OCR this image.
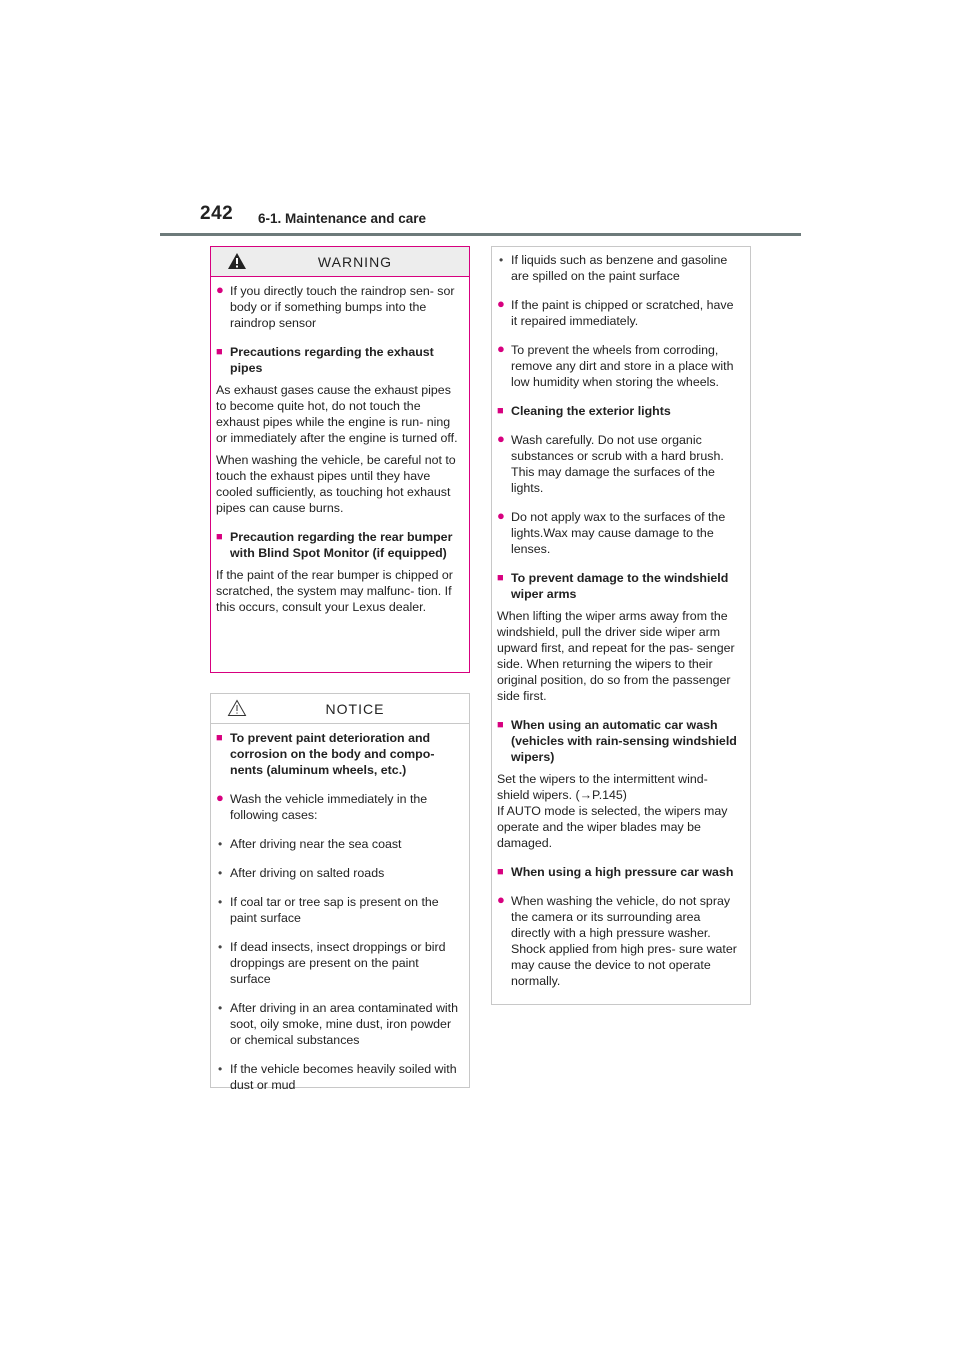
242 6-1. Maintenance and care
WARNING
● If you directly touch the raindrop sen- sor body or if something bumps into the raindrop sensor
■ Precautions regarding the exhaust pipes
As exhaust gases cause the exhaust pipes to become quite hot, do not touch the exhaust pipes while the engine is run- ning or immediately after the engine is turned off.
When washing the vehicle, be careful not to touch the exhaust pipes until they have cooled sufficiently, as touching hot exhaust pipes can cause burns.
■ Precaution regarding the rear bumper with Blind Spot Monitor (if equipped)
If the paint of the rear bumper is chipped or scratched, the system may malfunc- tion. If this occurs, consult your Lexus dealer.
NOTICE
■ To prevent paint deterioration and corrosion on the body and compo- nents (aluminum wheels, etc.)
● Wash the vehicle immediately in the following cases:
• After driving near the sea coast
• After driving on salted roads
• If coal tar or tree sap is present on the paint surface
• If dead insects, insect droppings or bird droppings are present on the paint surface
• After driving in an area contaminated with soot, oily smoke, mine dust, iron powder or chemical substances
• If the vehicle becomes heavily soiled with dust or mud
• If liquids such as benzene and gasoline are spilled on the paint surface
● If the paint is chipped or scratched, have it repaired immediately.
● To prevent the wheels from corroding, remove any dirt and store in a place with low humidity when storing the wheels.
■ Cleaning the exterior lights
● Wash carefully. Do not use organic substances or scrub with a hard brush. This may damage the surfaces of the lights.
● Do not apply wax to the surfaces of the lights.Wax may cause damage to the lenses.
■ To prevent damage to the windshield wiper arms
When lifting the wiper arms away from the windshield, pull the driver side wiper arm upward first, and repeat for the pas- senger side. When returning the wipers to their original position, do so from the passenger side first.
■ When using an automatic car wash (vehicles with rain-sensing windshield wipers)
Set the wipers to the intermittent wind- shield wipers. (→P.145)
If AUTO mode is selected, the wipers may operate and the wiper blades may be damaged.
■ When using a high pressure car wash
● When washing the vehicle, do not spray the camera or its surrounding area directly with a high pressure washer. Shock applied from high pres- sure water may cause the device to not operate normally.
